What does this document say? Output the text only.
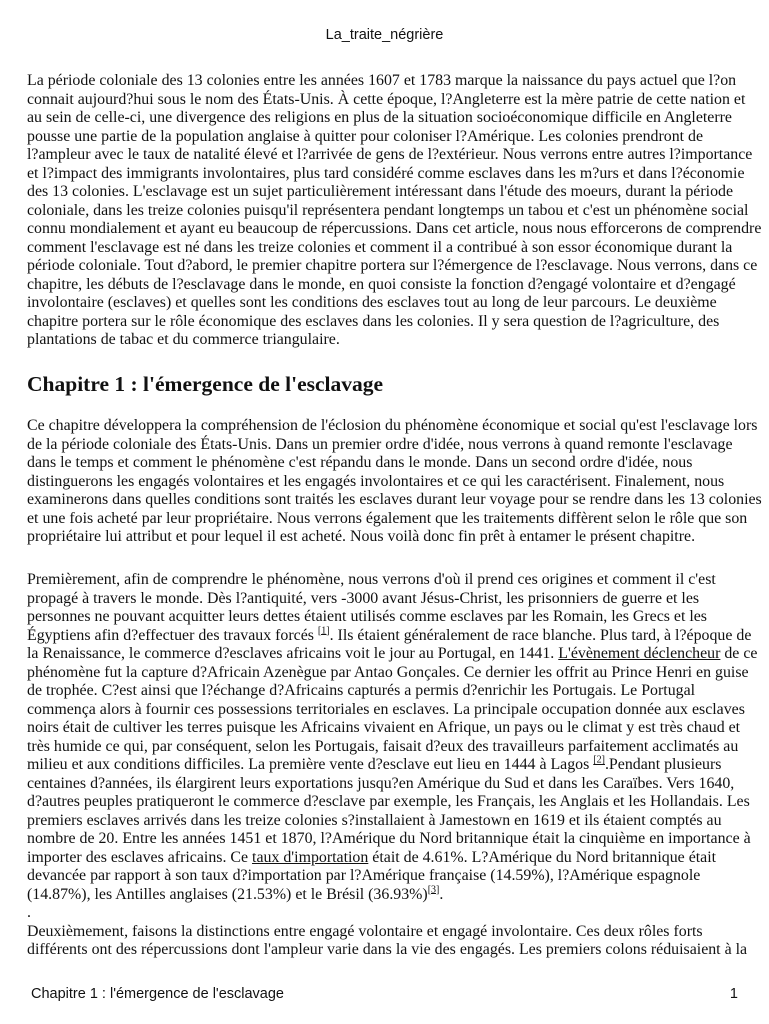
La_traite_négrière
La période coloniale des 13 colonies entre les années 1607 et 1783 marque la naissance du pays actuel que l?on
connait aujourd?hui sous le nom des États-Unis. À cette époque, l?Angleterre est la mère patrie de cette nation et
au sein de celle-ci, une divergence des religions en plus de la situation socioéconomique difficile en Angleterre
pousse une partie de la population anglaise à quitter pour coloniser l?Amérique. Les colonies prendront de
l?ampleur avec le taux de natalité élevé et l?arrivée de gens de l?extérieur. Nous verrons entre autres l?importance
et l?impact des immigrants involontaires, plus tard considéré comme esclaves dans les m?urs et dans l?économie
des 13 colonies. L'esclavage est un sujet particulièrement intéressant dans l'étude des moeurs, durant la période
coloniale, dans les treize colonies puisqu'il représentera pendant longtemps un tabou et c'est un phénomène social
connu mondialement et ayant eu beaucoup de répercussions. Dans cet article, nous nous efforcerons de comprendre
comment l'esclavage est né dans les treize colonies et comment il a contribué à son essor économique durant la
période coloniale. Tout d?abord, le premier chapitre portera sur l?émergence de l?esclavage. Nous verrons, dans ce
chapitre, les débuts de l?esclavage dans le monde, en quoi consiste la fonction d?engagé volontaire et d?engagé
involontaire (esclaves) et quelles sont les conditions des esclaves tout au long de leur parcours. Le deuxième
chapitre portera sur le rôle économique des esclaves dans les colonies. Il y sera question de l?agriculture, des
plantations de tabac et du commerce triangulaire.
Chapitre 1 : l'émergence de l'esclavage
Ce chapitre développera la compréhension de l'éclosion du phénomène économique et social qu'est l'esclavage lors
de la période coloniale des États-Unis. Dans un premier ordre d'idée, nous verrons à quand remonte l'esclavage
dans le temps et comment le phénomène c'est répandu dans le monde. Dans un second ordre d'idée, nous
distinguerons les engagés volontaires et les engagés involontaires et ce qui les caractérisent. Finalement, nous
examinerons dans quelles conditions sont traités les esclaves durant leur voyage pour se rendre dans les 13 colonies
et une fois acheté par leur propriétaire. Nous verrons également que les traitements diffèrent selon le rôle que son
propriétaire lui attribut et pour lequel il est acheté. Nous voilà donc fin prêt à entamer le présent chapitre.
Premièrement, afin de comprendre le phénomène, nous verrons d'où il prend ces origines et comment il c'est
propagé à travers le monde. Dès l?antiquité, vers -3000 avant Jésus-Christ, les prisonniers de guerre et les
personnes ne pouvant acquitter leurs dettes étaient utilisés comme esclaves par les Romain, les Grecs et les
Égyptiens afin d?effectuer des travaux forcés [1]. Ils étaient généralement de race blanche. Plus tard, à l?époque de
la Renaissance, le commerce d?esclaves africains voit le jour au Portugal, en 1441. L'évènement déclencheur de ce
phénomène fut la capture d?Africain Azenègue par Antao Gonçales. Ce dernier les offrit au Prince Henri en guise
de trophée. C?est ainsi que l?échange d?Africains capturés a permis d?enrichir les Portugais. Le Portugal
commença alors à fournir ces possessions territoriales en esclaves. La principale occupation donnée aux esclaves
noirs était de cultiver les terres puisque les Africains vivaient en Afrique, un pays ou le climat y est très chaud et
très humide ce qui, par conséquent, selon les Portugais, faisait d?eux des travailleurs parfaitement acclimatés au
milieu et aux conditions difficiles. La première vente d?esclave eut lieu en 1444 à Lagos [2].Pendant plusieurs
centaines d?années, ils élargirent leurs exportations jusqu?en Amérique du Sud et dans les Caraïbes. Vers 1640,
d?autres peuples pratiqueront le commerce d?esclave par exemple, les Français, les Anglais et les Hollandais. Les
premiers esclaves arrivés dans les treize colonies s?installaient à Jamestown en 1619 et ils étaient comptés au
nombre de 20. Entre les années 1451 et 1870, l?Amérique du Nord britannique était la cinquième en importance à
importer des esclaves africains. Ce taux d'importation était de 4.61%. L?Amérique du Nord britannique était
devancée par rapport à son taux d?importation par l?Amérique française (14.59%), l?Amérique espagnole
(14.87%), les Antilles anglaises (21.53%) et le Brésil (36.93%)[3].
.
Deuxièmement, faisons la distinctions entre engagé volontaire et engagé involontaire. Ces deux rôles forts
différents ont des répercussions dont l'ampleur varie dans la vie des engagés. Les premiers colons réduisaient à la
Chapitre 1 : l'émergence de l'esclavage	1
